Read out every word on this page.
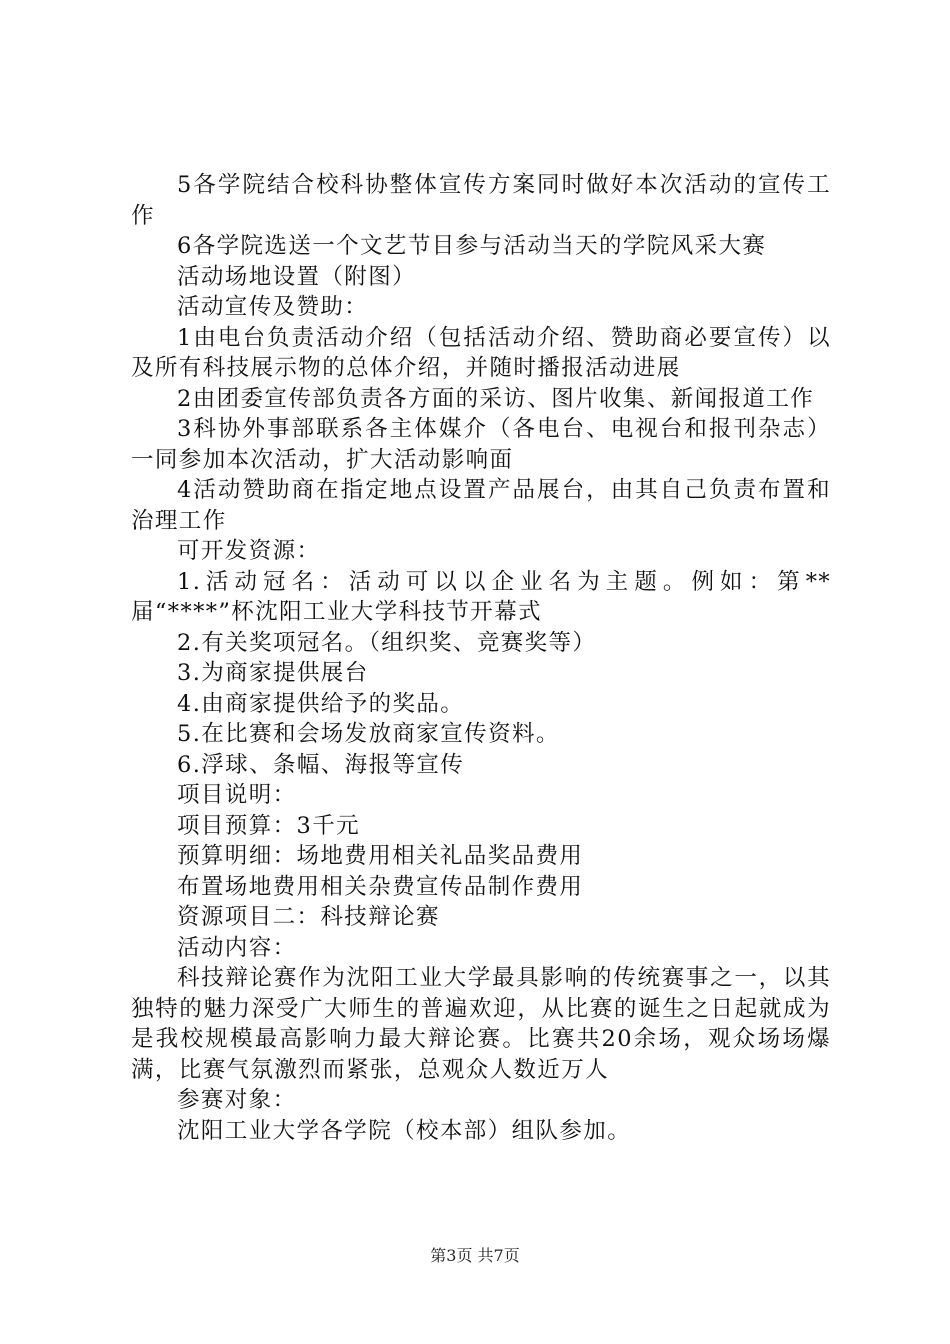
5各学院结合校科协整体宣传方案同时做好本次活动的宣传工作

6各学院选送一个文艺节目参与活动当天的学院风采大赛

活动场地设置（附图）

活动宣传及赞助：

1由电台负责活动介绍（包括活动介绍、赞助商必要宣传）以及所有科技展示物的总体介绍，并随时播报活动进展

2由团委宣传部负责各方面的采访、图片收集、新闻报道工作

3科协外事部联系各主体媒介（各电台、电视台和报刊杂志）一同参加本次活动，扩大活动影响面

4活动赞助商在指定地点设置产品展台，由其自己负责布置和治理工作

可开发资源：

1.活动冠名：活动可以以企业名为主题。例如：第**届“****”杯沈阳工业大学科技节开幕式

2.有关奖项冠名。（组织奖、竞赛奖等）

3.为商家提供展台

4.由商家提供给予的奖品。

5.在比赛和会场发放商家宣传资料。

6.浮球、条幅、海报等宣传

项目说明：

项目预算：3千元

预算明细：场地费用相关礼品奖品费用

布置场地费用相关杂费宣传品制作费用

资源项目二：科技辩论赛

活动内容：

科技辩论赛作为沈阳工业大学最具影响的传统赛事之一，以其独特的魅力深受广大师生的普遍欢迎，从比赛的诞生之日起就成为是我校规模最高影响力最大辩论赛。比赛共20余场，观众场场爆满，比赛气氛激烈而紧张，总观众人数近万人

参赛对象：

沈阳工业大学各学院（校本部）组队参加。

第3页 共7页
